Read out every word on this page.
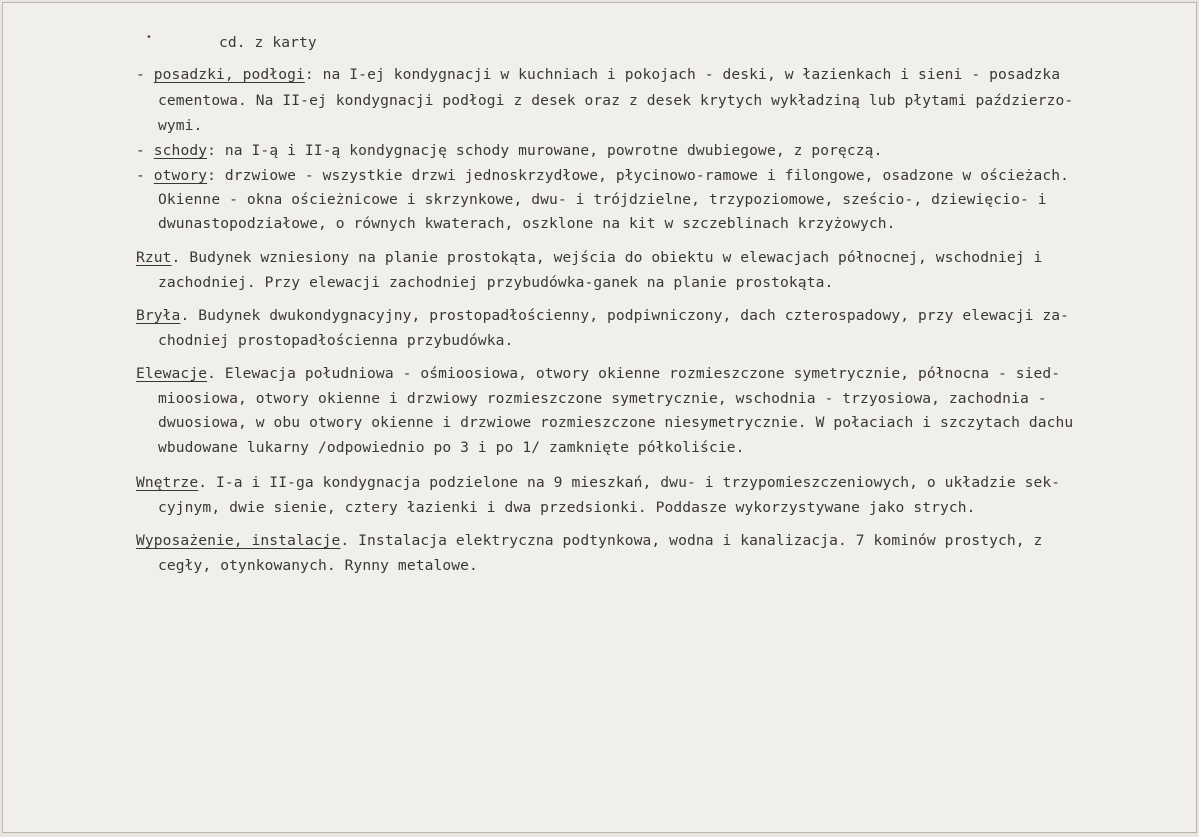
•	cd. z karty

- posadzki, podłogi: na I-ej kondygnacji w kuchniach i pokojach - deski, w łazienkach i sieni - posadzka
cementowa. Na II-ej kondygnacji podłogi z desek oraz z desek krytych wykładziną lub płytami paździerzo-
wymi.
- schody: na I-ą i II-ą kondygnację schody murowane, powrotne dwubiegowe, z poręczą.
- otwory: drzwiowe - wszystkie drzwi jednoskrzydłowe, płycinowo-ramowe i filongowe, osadzone w ościeżach.
Okienne - okna ościeżnicowe i skrzynkowe, dwu- i trójdzielne, trzypoziomowe, sześcio-, dziewięcio- i
dwunastopodziałowe, o równych kwaterach, oszklone na kit w szczeblinach krzyżowych.
Rzut. Budynek wzniesiony na planie prostokąta, wejścia do obiektu w elewacjach północnej, wschodniej i
zachodniej. Przy elewacji zachodniej przybudówka-ganek na planie prostokąta.
Bryła. Budynek dwukondygnacyjny, prostopadłościenny, podpiwniczony, dach czterospadowy, przy elewacji za-
chodniej prostopadłościenna przybudówka.
Elewacje. Elewacja południowa - ośmioosiowa, otwory okienne rozmieszczone symetrycznie, północna - sied-
mioosiowa, otwory okienne i drzwiowy rozmieszczone symetrycznie, wschodnia - trzyosiowa, zachodnia -
dwuosiowa, w obu otwory okienne i drzwiowe rozmieszczone niesymetrycznie. W połaciach i szczytach dachu
wbudowane lukarny /odpowiednio po 3 i po 1/ zamknięte półkoliście.
Wnętrze. I-a i II-ga kondygnacja podzielone na 9 mieszkań, dwu- i trzypomieszczeniowych, o układzie sek-
cyjnym, dwie sienie, cztery łazienki i dwa przedsionki. Poddasze wykorzystywane jako strych.
Wyposażenie, instalacje. Instalacja elektryczna podtynkowa, wodna i kanalizacja. 7 kominów prostych, z
cegły, otynkowanych. Rynny metalowe.
